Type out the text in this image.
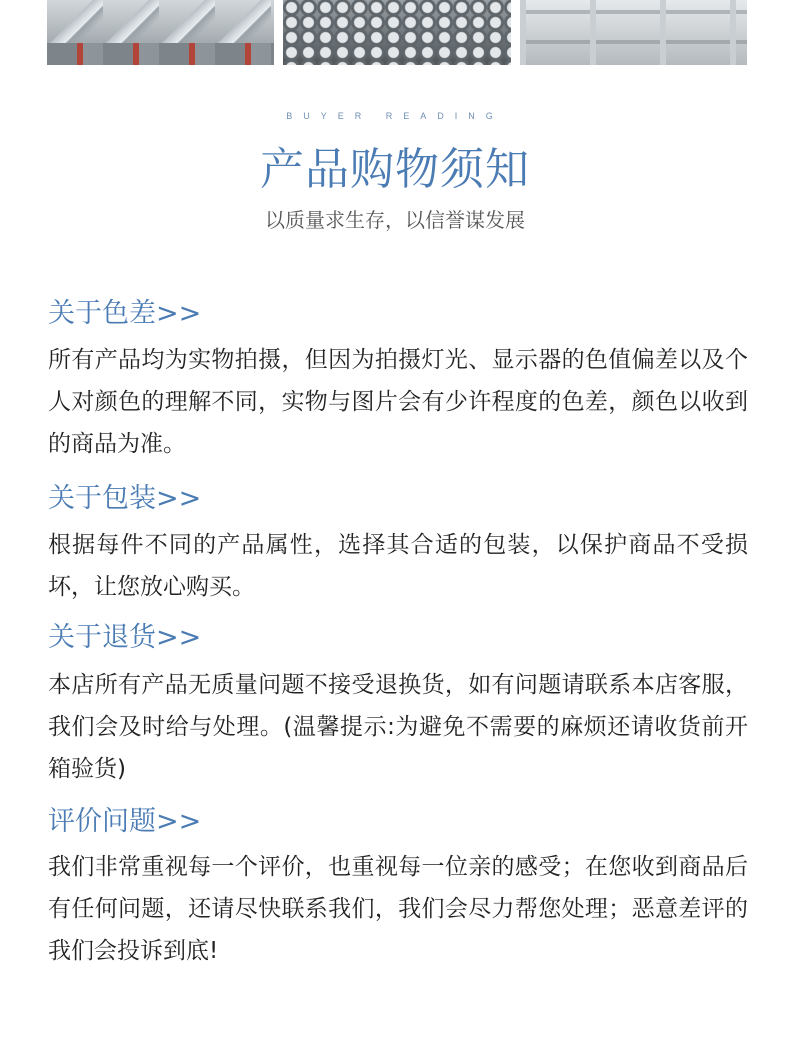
BUYER READING
产品购物须知
以质量求生存，以信誉谋发展
关于色差>>

所有产品均为实物拍摄，但因为拍摄灯光、显示器的色值偏差以及个人对颜色的理解不同，实物与图片会有少许程度的色差，颜色以收到的商品为准。

关于包装>>

根据每件不同的产品属性，选择其合适的包装，以保护商品不受损坏，让您放心购买。

关于退货>>

本店所有产品无质量问题不接受退换货，如有问题请联系本店客服，我们会及时给与处理。(温馨提示:为避免不需要的麻烦还请收货前开箱验货)

评价问题>>

我们非常重视每一个评价，也重视每一位亲的感受；在您收到商品后有任何问题，还请尽快联系我们，我们会尽力帮您处理；恶意差评的我们会投诉到底!
